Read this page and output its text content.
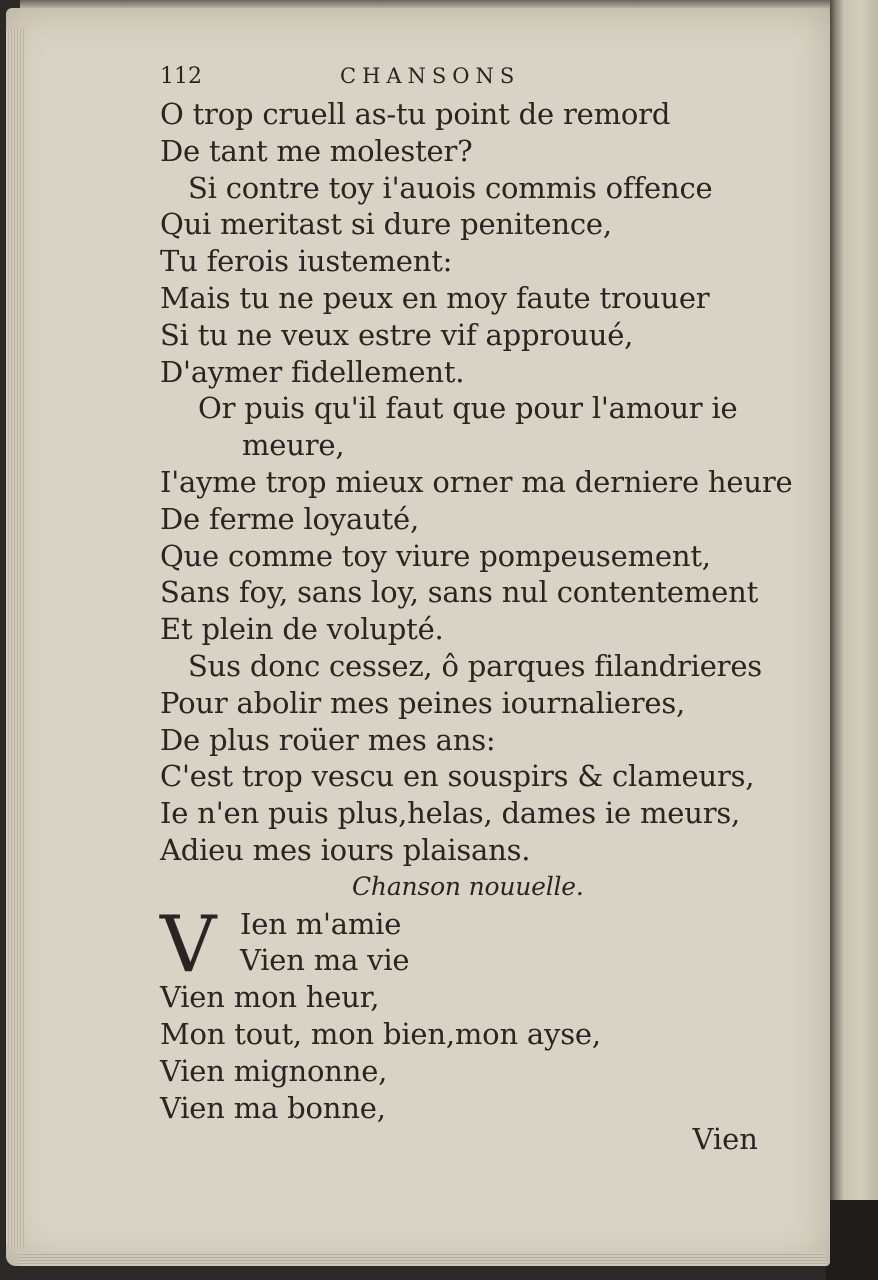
112	CHANSONS
O trop cruell as-tu point de remord
De tant me molester?
Si contre toy i'auois commis offence
Qui meritast si dure penitence,
Tu ferois iustement:
Mais tu ne peux en moy faute trouuer
Si tu ne veux estre vif approuué,
D'aymer fidellement.
Or puis qu'il faut que pour l'amour ie
meure,
I'ayme trop mieux orner ma derniere heure
De ferme loyauté,
Que comme toy viure pompeusement,
Sans foy, sans loy, sans nul contentement
Et plein de volupté.
Sus donc cessez, ô parques filandrieres
Pour abolir mes peines iournalieres,
De plus roüer mes ans:
C'est trop vescu en souspirs & clameurs,
Ie n'en puis plus,helas, dames ie meurs,
Adieu mes iours plaisans.
Chanson nouuelle.
V Ien m'amie
Vien ma vie
Vien mon heur,
Mon tout, mon bien,mon ayse,
Vien mignonne,
Vien ma bonne,
Vien
